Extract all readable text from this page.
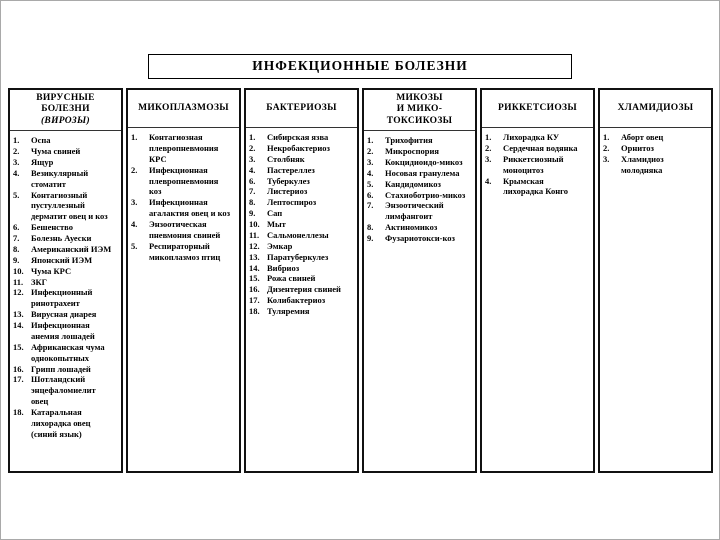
ИНФЕКЦИОННЫЕ БОЛЕЗНИ
ВИРУСНЫЕ
БОЛЕЗНИ
(ВИРОЗЫ)
1.	Оспа
2.	Чума свиней
3.	Ящур
4.	Везикулярный стоматит
5.	Контагиозный пустуллезный дерматит овец и коз
6.	Бешенство
7.	Болезнь Ауески
8.	Американский ИЭМ
9.	Японский ИЭМ
10. Чума КРС
11. ЗКГ
12. Инфекционный ринотрахеит
13. Вирусная диарея
14. Инфекционная анемия лошадей
15. Африканская чума однокопытных
16. Грипп лошадей
17. Шотландский энцефаломиелит овец
18. Катаральная лихорадка овец (синий язык)
МИКОПЛАЗМОЗЫ
1.	Контагиозная плевропневмония КРС
2.	Инфекционная плевропневмония коз
3.	Инфекционная агалактия овец и коз
4.	Энзоотическая пневмония свиней
5.	Респираторный микоплазмоз птиц
БАКТЕРИОЗЫ
1.	Сибирская язва
2.	Некробактериоз
3.	Столбняк
4.	Пастереллез
6.	Туберкулез
7.	Листериоз
8.	Лептоспироз
9.	Сап
10. Мыт
11. Сальмонеллезы
12. Эмкар
13. Паратуберкулез
14. Вибриоз
15. Рожа свиней
16. Дизентерия свиней
17. Колибактериоз
18. Туляремия
МИКОЗЫ
И МИКО-
ТОКСИКОЗЫ
1.	Трихофития
2.	Микроспория
3.	Кокцидиоидо-микоз
4.	Носовая гранулема
5.	Кандидомикоз
6.	Стахиоботрио-микоз
7.	Энзоотический лимфангоит
8.	Актиномикоз
9.	Фузариотокси-коз
РИККЕТСИОЗЫ
1.	Лихорадка КУ
2.	Сердечная водянка
3.	Риккетсиозный моноцитоз
4.	Крымская лихорадка Конго
ХЛАМИДИОЗЫ
1.	Аборт овец
2.	Орнитоз
3.	Хламидиоз молодняка
